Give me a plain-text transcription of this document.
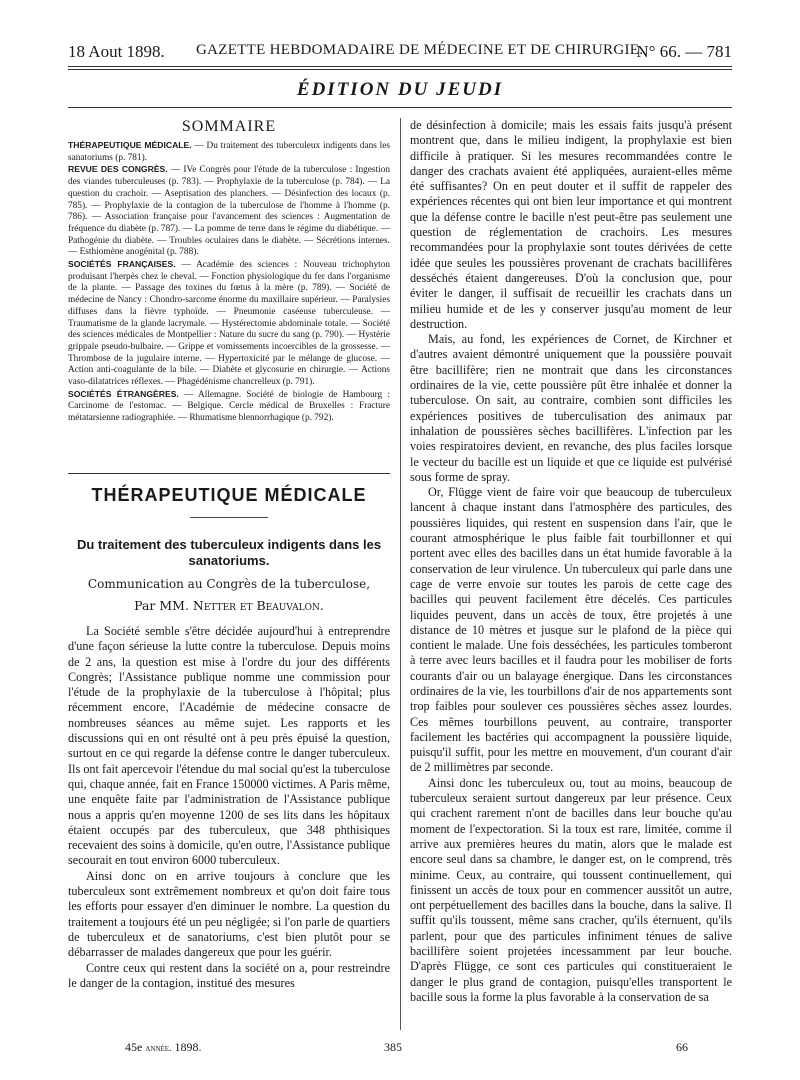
18 Aout 1898. GAZETTE HEBDOMADAIRE DE MÉDECINE ET DE CHIRURGIE.
N° 66. — 781
ÉDITION DU JEUDI
SOMMAIRE

THÉRAPEUTIQUE MÉDICALE. — Du traitement des tuberculeux indigents dans les sanatoriums (p. 781).

REVUE DES CONGRÈS. — IVe Congrès pour l'étude de la tuberculose : Ingestion des viandes tuberculeuses (p. 783). — Prophylaxie de la tuberculose (p. 784). — La question du crachoir. — Aseptisation des planchers. — Désinfection des locaux (p. 785). — Prophylaxie de la contagion de la tuberculose de l'homme à l'homme (p. 786). — Association française pour l'avancement des sciences : Augmentation de fréquence du diabète (p. 787). — La pomme de terre dans le régime du diabétique. — Pathogénie du diabète. — Troubles oculaires dans le diabète. — Sécrétions internes. — Esthiomène anogénital (p. 788).

SOCIÉTÉS FRANÇAISES. — Académie des sciences : Nouveau trichophyton produisant l'herpès chez le cheval. — Fonction physiologique du fer dans l'organisme de la plante. — Passage des toxines du fœtus à la mère (p. 789). — Société de médecine de Nancy : Chondro-sarcome énorme du maxillaire supérieur. — Paralysies diffuses dans la fièvre typhoïde. — Pneumonie caséeuse tuberculeuse. — Traumatisme de la glande lacrymale. — Hystérectomie abdominale totale. — Société des sciences médicales de Montpellier : Nature du sucre du sang (p. 790). — Hystérie grippale pseudo-bulbaire. — Grippe et vomissements incoercibles de la grossesse. — Thrombose de la jugulaire interne. — Hypertoxicité par le mélange de glucose. — Action anti-coagulante de la bile. — Diabète et glycosurie en chirurgie. — Actions vaso-dilatatrices réflexes. — Phagédénisme chancrelleux (p. 791).

SOCIÉTÉS ÉTRANGÈRES. — Allemagne. Société de biologie de Hambourg : Carcinome de l'estomac. — Belgique. Cercle médical de Bruxelles : Fracture métatarsienne radiographiée. — Rhumatisme blennorrhagique (p. 792).

THÉRAPEUTIQUE MÉDICALE
Du traitement des tuberculeux indigents dans les sanatoriums.
Communication au Congrès de la tuberculose,
Par MM. Netter et Beauvalon.

La Société semble s'être décidée aujourd'hui à entreprendre d'une façon sérieuse la lutte contre la tuberculose. Depuis moins de 2 ans, la question est mise à l'ordre du jour des différents Congrès; l'Assistance publique nomme une commission pour l'étude de la prophylaxie de la tuberculose à l'hôpital; plus récemment encore, l'Académie de médecine consacre de nombreuses séances au même sujet. Les rapports et les discussions qui en ont résulté ont à peu près épuisé la question, surtout en ce qui regarde la défense contre le danger tuberculeux. Ils ont fait apercevoir l'étendue du mal social qu'est la tuberculose qui, chaque année, fait en France 150000 victimes. A Paris même, une enquête faite par l'administration de l'Assistance publique nous a appris qu'en moyenne 1200 de ses lits dans les hôpitaux étaient occupés par des tuberculeux, que 348 phthisiques recevaient des soins à domicile, qu'en outre, l'Assistance publique secourait en tout environ 6000 tuberculeux.

Ainsi donc on en arrive toujours à conclure que les tuberculeux sont extrêmement nombreux et qu'on doit faire tous les efforts pour essayer d'en diminuer le nombre. La question du traitement a toujours été un peu négligée; si l'on parle de quartiers de tuberculeux et de sanatoriums, c'est bien plutôt pour se débarrasser de malades dangereux que pour les guérir.

Contre ceux qui restent dans la société on a, pour restreindre le danger de la contagion, institué des mesures

de désinfection à domicile; mais les essais faits jusqu'à présent montrent que, dans le milieu indigent, la prophylaxie est bien difficile à pratiquer. Si les mesures recommandées contre le danger des crachats avaient été appliquées, auraient-elles même été suffisantes? On en peut douter et il suffit de rappeler des expériences récentes qui ont bien leur importance et qui montrent que la défense contre le bacille n'est peut-être pas seulement une question de réglementation de crachoirs. Les mesures recommandées pour la prophylaxie sont toutes dérivées de cette idée que seules les poussières provenant de crachats bacillifères desséchés étaient dangereuses. D'où la conclusion que, pour éviter le danger, il suffisait de recueillir les crachats dans un milieu humide et de les y conserver jusqu'au moment de leur destruction.

Mais, au fond, les expériences de Cornet, de Kirchner et d'autres avaient démontré uniquement que la poussière pouvait être bacillifère; rien ne montrait que dans les circonstances ordinaires de la vie, cette poussière pût être inhalée et donner la tuberculose. On sait, au contraire, combien sont difficiles les expériences positives de tuberculisation des animaux par inhalation de poussières sèches bacillifères. L'infection par les voies respiratoires devient, en revanche, des plus faciles lorsque le vecteur du bacille est un liquide et que ce liquide est pulvérisé sous forme de spray.

Or, Flügge vient de faire voir que beaucoup de tuberculeux lancent à chaque instant dans l'atmosphère des particules, des poussières liquides, qui restent en suspension dans l'air, que le courant atmosphérique le plus faible fait tourbillonner et qui portent avec elles des bacilles dans un état humide favorable à la conservation de leur virulence. Un tuberculeux qui parle dans une cage de verre envoie sur toutes les parois de cette cage des bacilles qui peuvent facilement être décelés. Ces particules liquides peuvent, dans un accès de toux, être projetés à une distance de 10 mètres et jusque sur le plafond de la pièce qui contient le malade. Une fois desséchées, les particules tomberont à terre avec leurs bacilles et il faudra pour les mobiliser de forts courants d'air ou un balayage énergique. Dans les circonstances ordinaires de la vie, les tourbillons d'air de nos appartements sont trop faibles pour soulever ces poussières sèches assez lourdes. Ces mêmes tourbillons peuvent, au contraire, transporter facilement les bactéries qui accompagnent la poussière liquide, puisqu'il suffit, pour les mettre en mouvement, d'un courant d'air de 2 millimètres par seconde.

Ainsi donc les tuberculeux ou, tout au moins, beaucoup de tuberculeux seraient surtout dangereux par leur présence. Ceux qui crachent rarement n'ont de bacilles dans leur bouche qu'au moment de l'expectoration. Si la toux est rare, limitée, comme il arrive aux premières heures du matin, alors que le malade est encore seul dans sa chambre, le danger est, on le comprend, très minime. Ceux, au contraire, qui toussent continuellement, qui finissent un accès de toux pour en commencer aussitôt un autre, ont perpétuellement des bacilles dans la bouche, dans la salive. Il suffit qu'ils toussent, même sans cracher, qu'ils éternuent, qu'ils parlent, pour que des particules infiniment ténues de salive bacillifère soient projetées incessamment par leur bouche. D'après Flügge, ce sont ces particules qui constitueraient le danger le plus grand de contagion, puisqu'elles transportent le bacille sous la forme la plus favorable à la conservation de sa

45e année. 1898.	385	66
